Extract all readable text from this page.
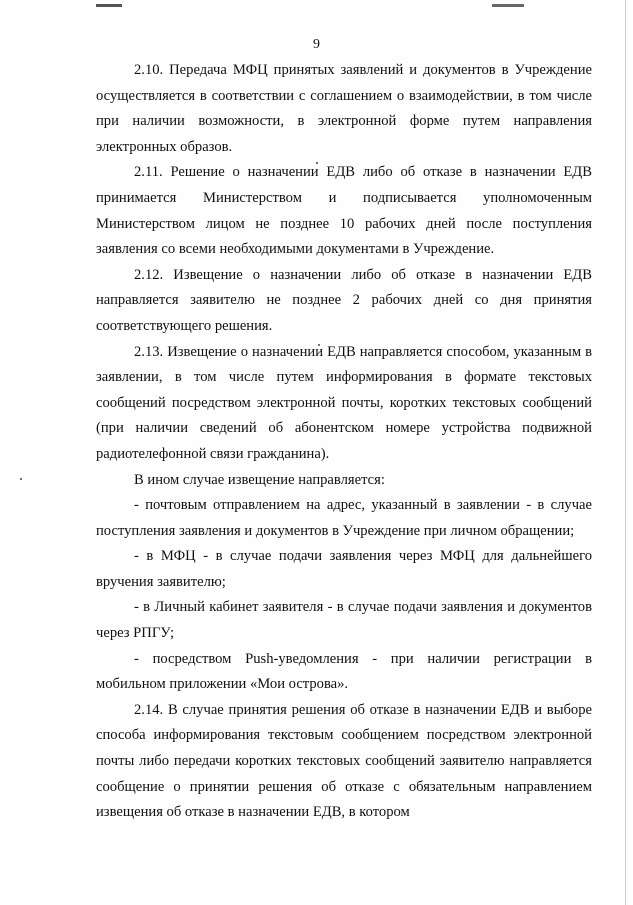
9

2.10. Передача МФЦ принятых заявлений и документов в Учреждение осуществляется в соответствии с соглашением о взаимодействии, в том числе при наличии возможности, в электронной форме путем направления электронных образов.

2.11. Решение о назначении ЕДВ либо об отказе в назначении ЕДВ принимается Министерством и подписывается уполномоченным Министерством лицом не позднее 10 рабочих дней после поступления заявления со всеми необходимыми документами в Учреждение.

2.12. Извещение о назначении либо об отказе в назначении ЕДВ направляется заявителю не позднее 2 рабочих дней со дня принятия соответствующего решения.

2.13. Извещение о назначении ЕДВ направляется способом, указанным в заявлении, в том числе путем информирования в формате текстовых сообщений посредством электронной почты, коротких текстовых сообщений (при наличии сведений об абонентском номере устройства подвижной радиотелефонной связи гражданина).

В ином случае извещение направляется:

- почтовым отправлением на адрес, указанный в заявлении - в случае поступления заявления и документов в Учреждение при личном обращении;

- в МФЦ - в случае подачи заявления через МФЦ для дальнейшего вручения заявителю;

- в Личный кабинет заявителя - в случае подачи заявления и документов через РПГУ;

- посредством Push-уведомления - при наличии регистрации в мобильном приложении «Мои острова».

2.14. В случае принятия решения об отказе в назначении ЕДВ и выборе способа информирования текстовым сообщением посредством электронной почты либо передачи коротких текстовых сообщений заявителю направляется сообщение о принятии решения об отказе с обязательным направлением извещения об отказе в назначении ЕДВ, в котором
